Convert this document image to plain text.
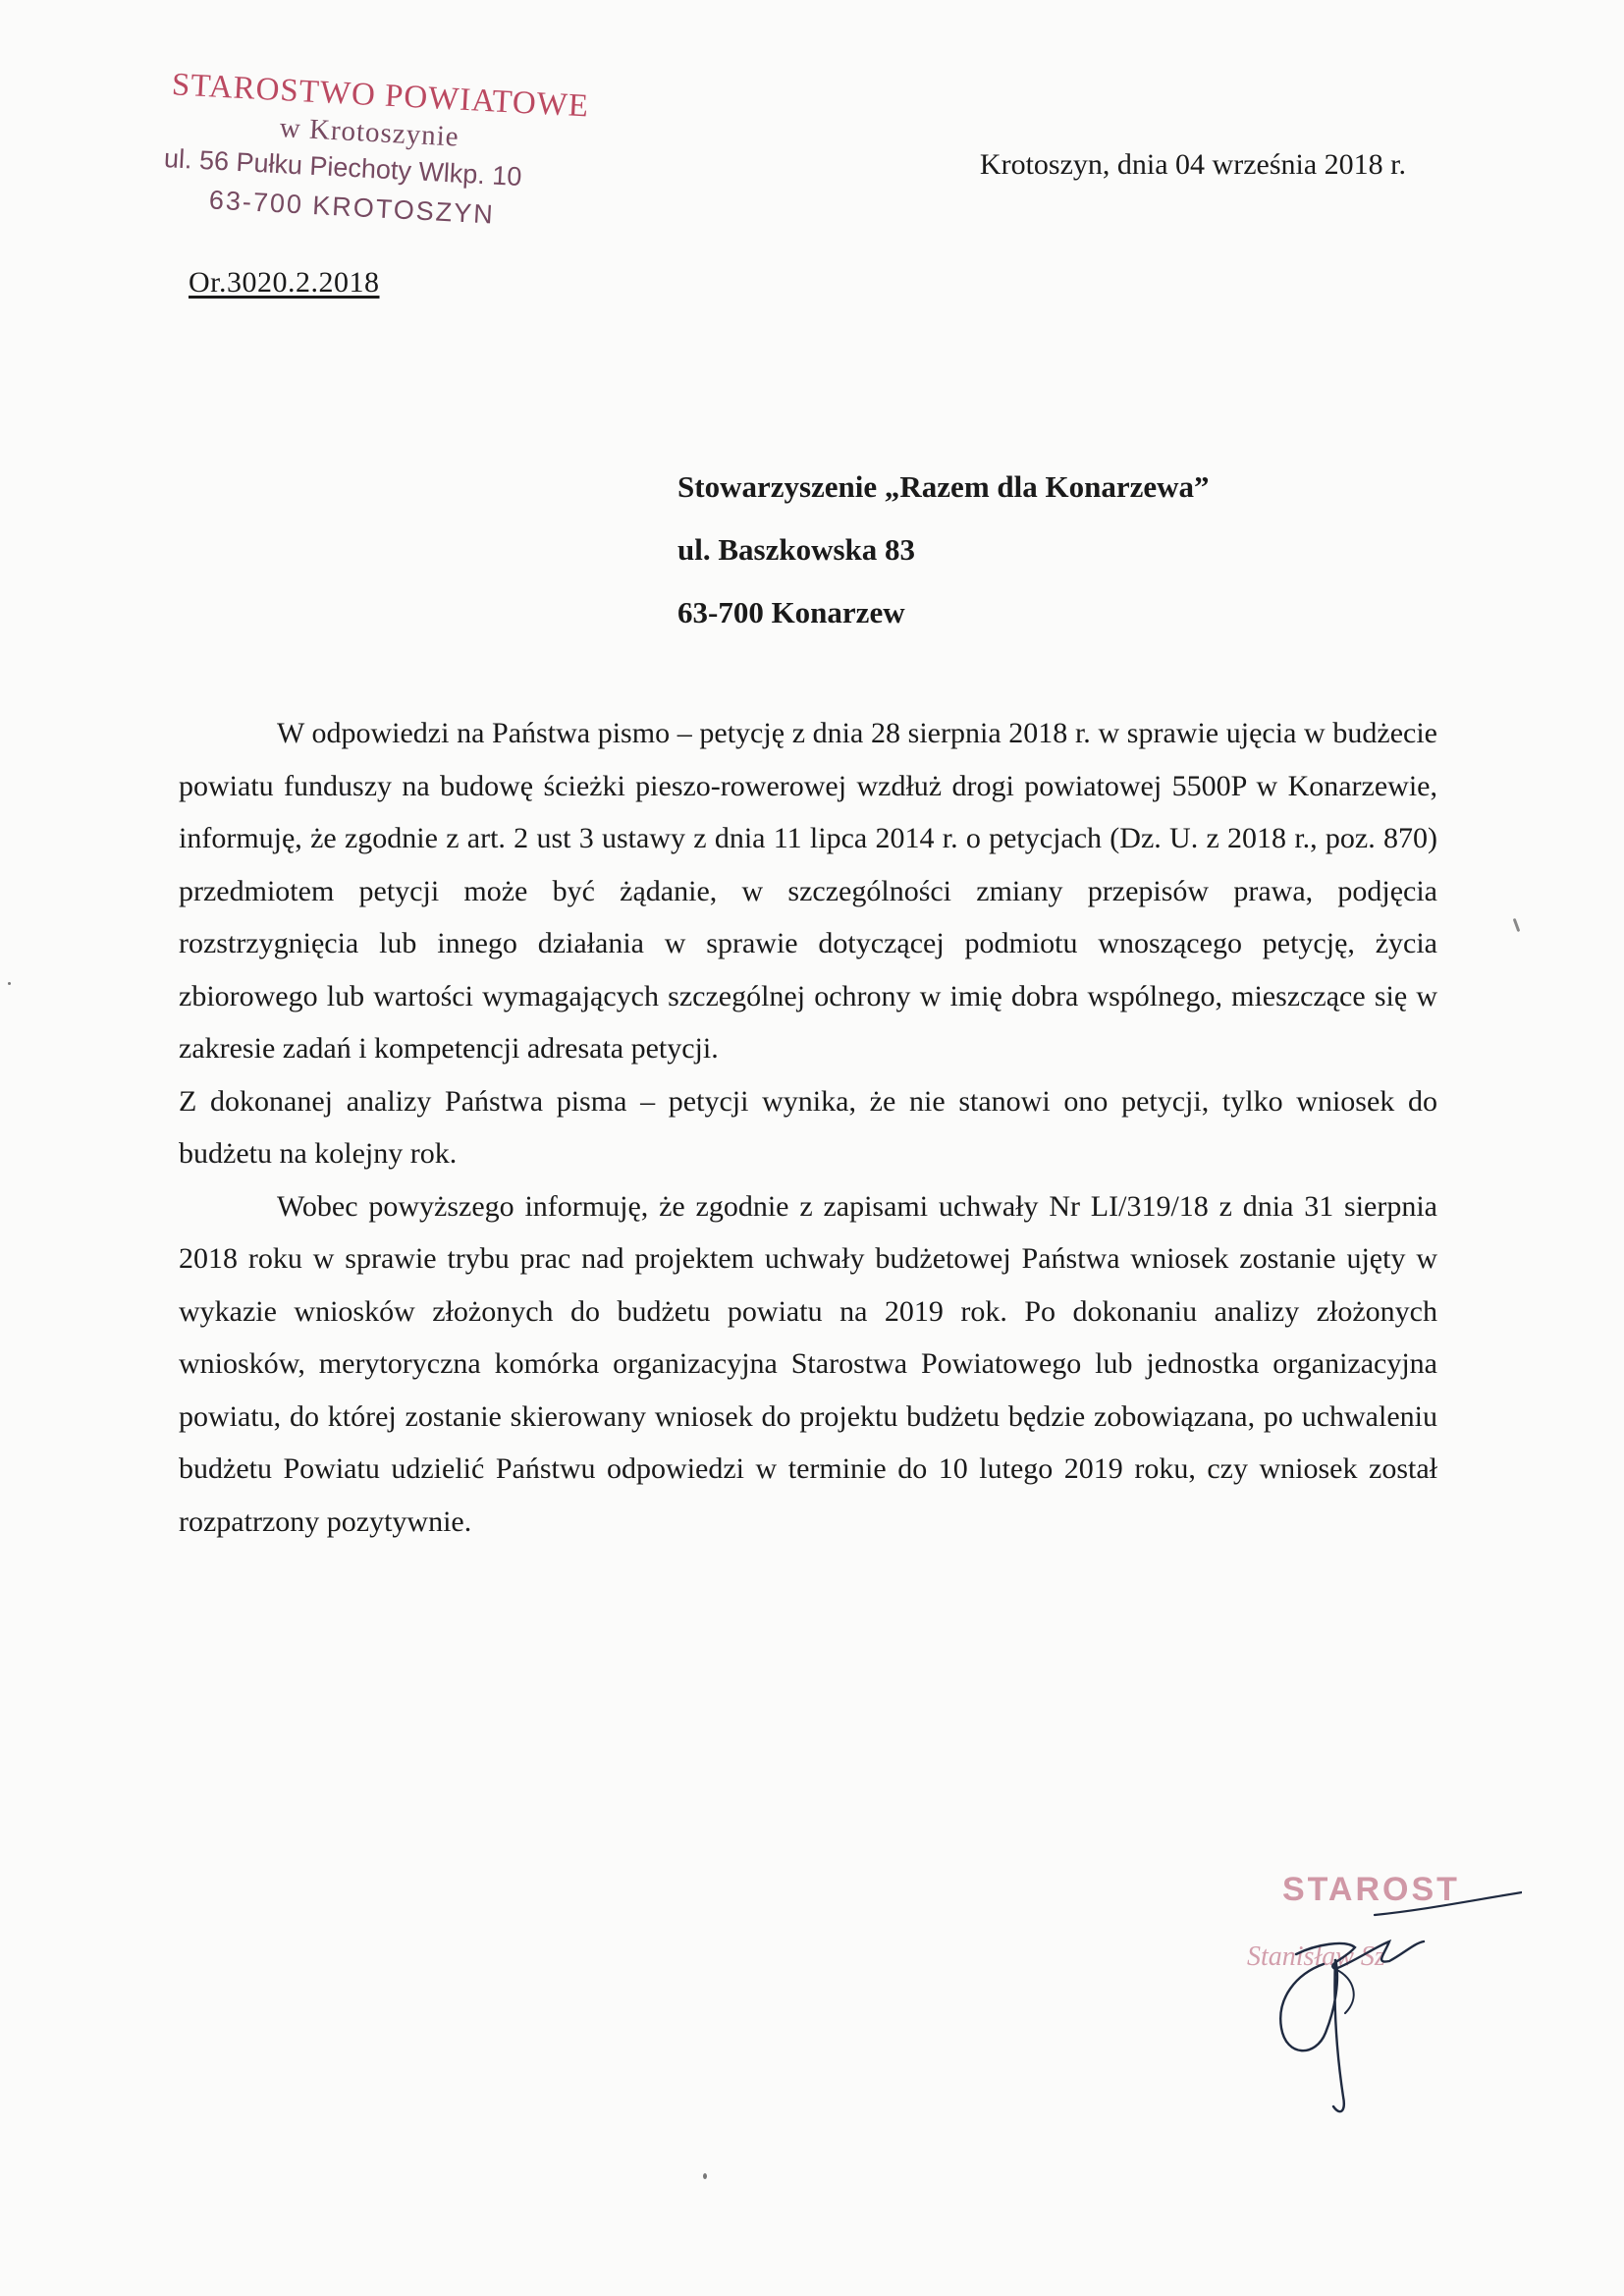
STAROSTWO POWIATOWE
w Krotoszynie
ul. 56 Pułku Piechoty Wlkp. 10
63-700 KROTOSZYN
Krotoszyn, dnia 04 września 2018 r.
Or.3020.2.2018
Stowarzyszenie „Razem dla Konarzewa”
ul. Baszkowska 83
63-700 Konarzew

W odpowiedzi na Państwa pismo – petycję z dnia 28 sierpnia 2018 r. w sprawie ujęcia w budżecie powiatu funduszy na budowę ścieżki pieszo-rowerowej wzdłuż drogi powiatowej 5500P w Konarzewie, informuję, że zgodnie z art. 2 ust 3 ustawy z dnia 11 lipca 2014 r. o petycjach (Dz. U. z 2018 r., poz. 870) przedmiotem petycji może być żądanie, w szczególności zmiany przepisów prawa, podjęcia rozstrzygnięcia lub innego działania w sprawie dotyczącej podmiotu wnoszącego petycję, życia zbiorowego lub wartości wymagających szczególnej ochrony w imię dobra wspólnego, mieszczące się w zakresie zadań i kompetencji adresata petycji.

Z dokonanej analizy Państwa pisma – petycji wynika, że nie stanowi ono petycji, tylko wniosek do budżetu na kolejny rok.

Wobec powyższego informuję, że zgodnie z zapisami uchwały Nr LI/319/18 z dnia 31 sierpnia 2018 roku w sprawie trybu prac nad projektem uchwały budżetowej Państwa wniosek zostanie ujęty w wykazie wniosków złożonych do budżetu powiatu na 2019 rok. Po dokonaniu analizy złożonych wniosków, merytoryczna komórka organizacyjna Starostwa Powiatowego lub jednostka organizacyjna powiatu, do której zostanie skierowany wniosek do projektu budżetu będzie zobowiązana, po uchwaleniu budżetu Powiatu udzielić Państwu odpowiedzi w terminie do 10 lutego 2019 roku, czy wniosek został rozpatrzony pozytywnie.

STAROST
Stanisław Sz
